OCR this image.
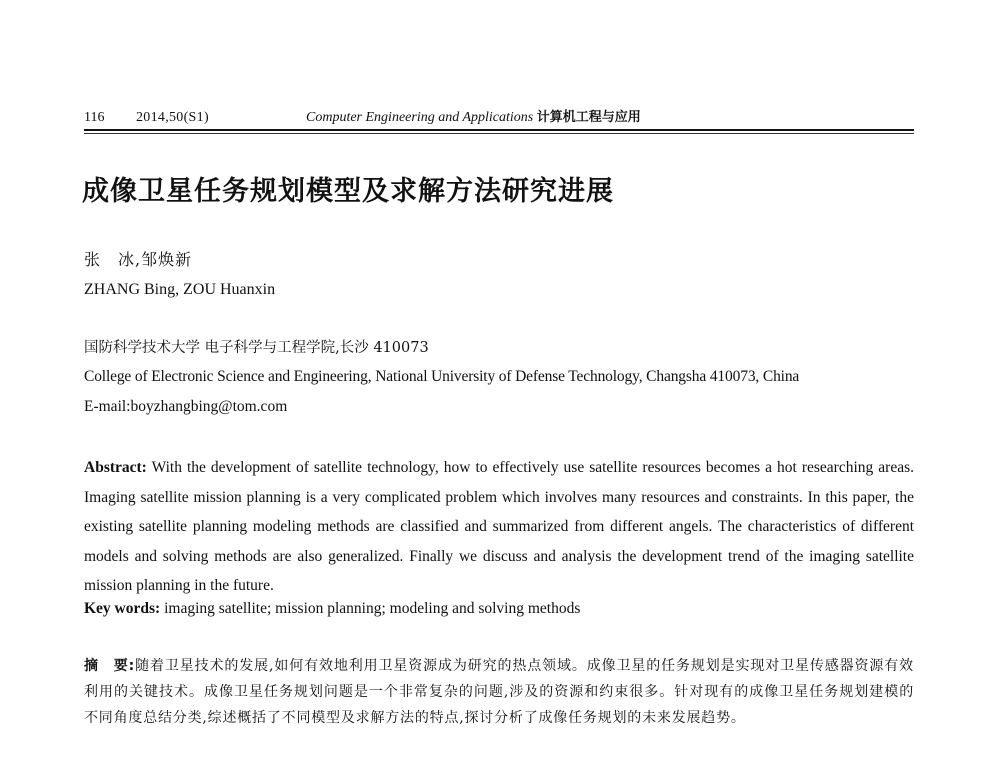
116 2014,50(S1)	Computer Engineering and Applications 计算机工程与应用
成像卫星任务规划模型及求解方法研究进展
张　冰,邹焕新
ZHANG Bing, ZOU Huanxin
国防科学技术大学 电子科学与工程学院,长沙 410073
College of Electronic Science and Engineering, National University of Defense Technology, Changsha 410073, China
E-mail:boyzhangbing@tom.com

Abstract: With the development of satellite technology, how to effectively use satellite resources becomes a hot researching areas. Imaging satellite mission planning is a very complicated problem which involves many resources and constraints. In this paper, the existing satellite planning modeling methods are classified and summarized from different angels. The characteristics of different models and solving methods are also generalized. Finally we discuss and analysis the development trend of the imaging satellite mission planning in the future.

Key words: imaging satellite; mission planning; modeling and solving methods

摘　要:随着卫星技术的发展,如何有效地利用卫星资源成为研究的热点领域。成像卫星的任务规划是实现对卫星传感器资源有效利用的关键技术。成像卫星任务规划问题是一个非常复杂的问题,涉及的资源和约束很多。针对现有的成像卫星任务规划建模的不同角度总结分类,综述概括了不同模型及求解方法的特点,探讨分析了成像任务规划的未来发展趋势。
